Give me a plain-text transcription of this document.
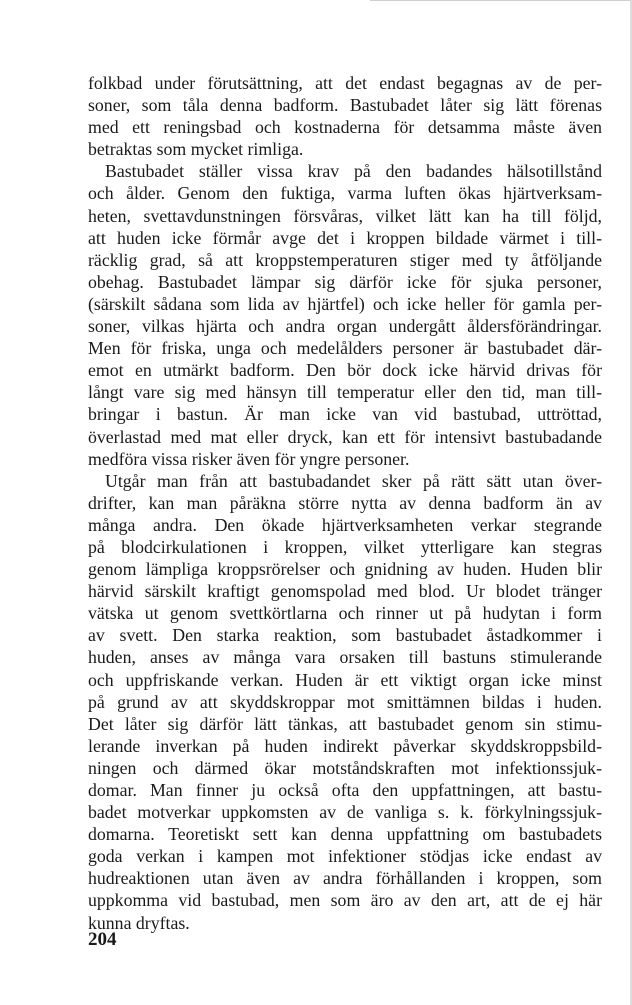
folkbad under förutsättning, att det endast begagnas av de per-
soner, som tåla denna badform. Bastubadet låter sig lätt förenas
med ett reningsbad och kostnaderna för detsamma måste även
betraktas som mycket rimliga.
Bastubadet ställer vissa krav på den badandes hälsotillstånd
och ålder. Genom den fuktiga, varma luften ökas hjärtverksam-
heten, svettavdunstningen försvåras, vilket lätt kan ha till följd,
att huden icke förmår avge det i kroppen bildade värmet i till-
räcklig grad, så att kroppstemperaturen stiger med ty åtföljande
obehag. Bastubadet lämpar sig därför icke för sjuka personer,
(särskilt sådana som lida av hjärtfel) och icke heller för gamla per-
soner, vilkas hjärta och andra organ undergått åldersförändringar.
Men för friska, unga och medelålders personer är bastubadet där-
emot en utmärkt badform. Den bör dock icke härvid drivas för
långt vare sig med hänsyn till temperatur eller den tid, man till-
bringar i bastun. Är man icke van vid bastubad, uttröttad,
överlastad med mat eller dryck, kan ett för intensivt bastubadande
medföra vissa risker även för yngre personer.
Utgår man från att bastubadandet sker på rätt sätt utan över-
drifter, kan man påräkna större nytta av denna badform än av
många andra. Den ökade hjärtverksamheten verkar stegrande
på blodcirkulationen i kroppen, vilket ytterligare kan stegras
genom lämpliga kroppsrörelser och gnidning av huden. Huden blir
härvid särskilt kraftigt genomspolad med blod. Ur blodet tränger
vätska ut genom svettkörtlarna och rinner ut på hudytan i form
av svett. Den starka reaktion, som bastubadet åstadkommer i
huden, anses av många vara orsaken till bastuns stimulerande
och uppfriskande verkan. Huden är ett viktigt organ icke minst
på grund av att skyddskroppar mot smittämnen bildas i huden.
Det låter sig därför lätt tänkas, att bastubadet genom sin stimu-
lerande inverkan på huden indirekt påverkar skyddskroppsbild-
ningen och därmed ökar motståndskraften mot infektionssjuk-
domar. Man finner ju också ofta den uppfattningen, att bastu-
badet motverkar uppkomsten av de vanliga s. k. förkylningssjuk-
domarna. Teoretiskt sett kan denna uppfattning om bastubadets
goda verkan i kampen mot infektioner stödjas icke endast av
hudreaktionen utan även av andra förhållanden i kroppen, som
uppkomma vid bastubad, men som äro av den art, att de ej här
kunna dryftas.
204
